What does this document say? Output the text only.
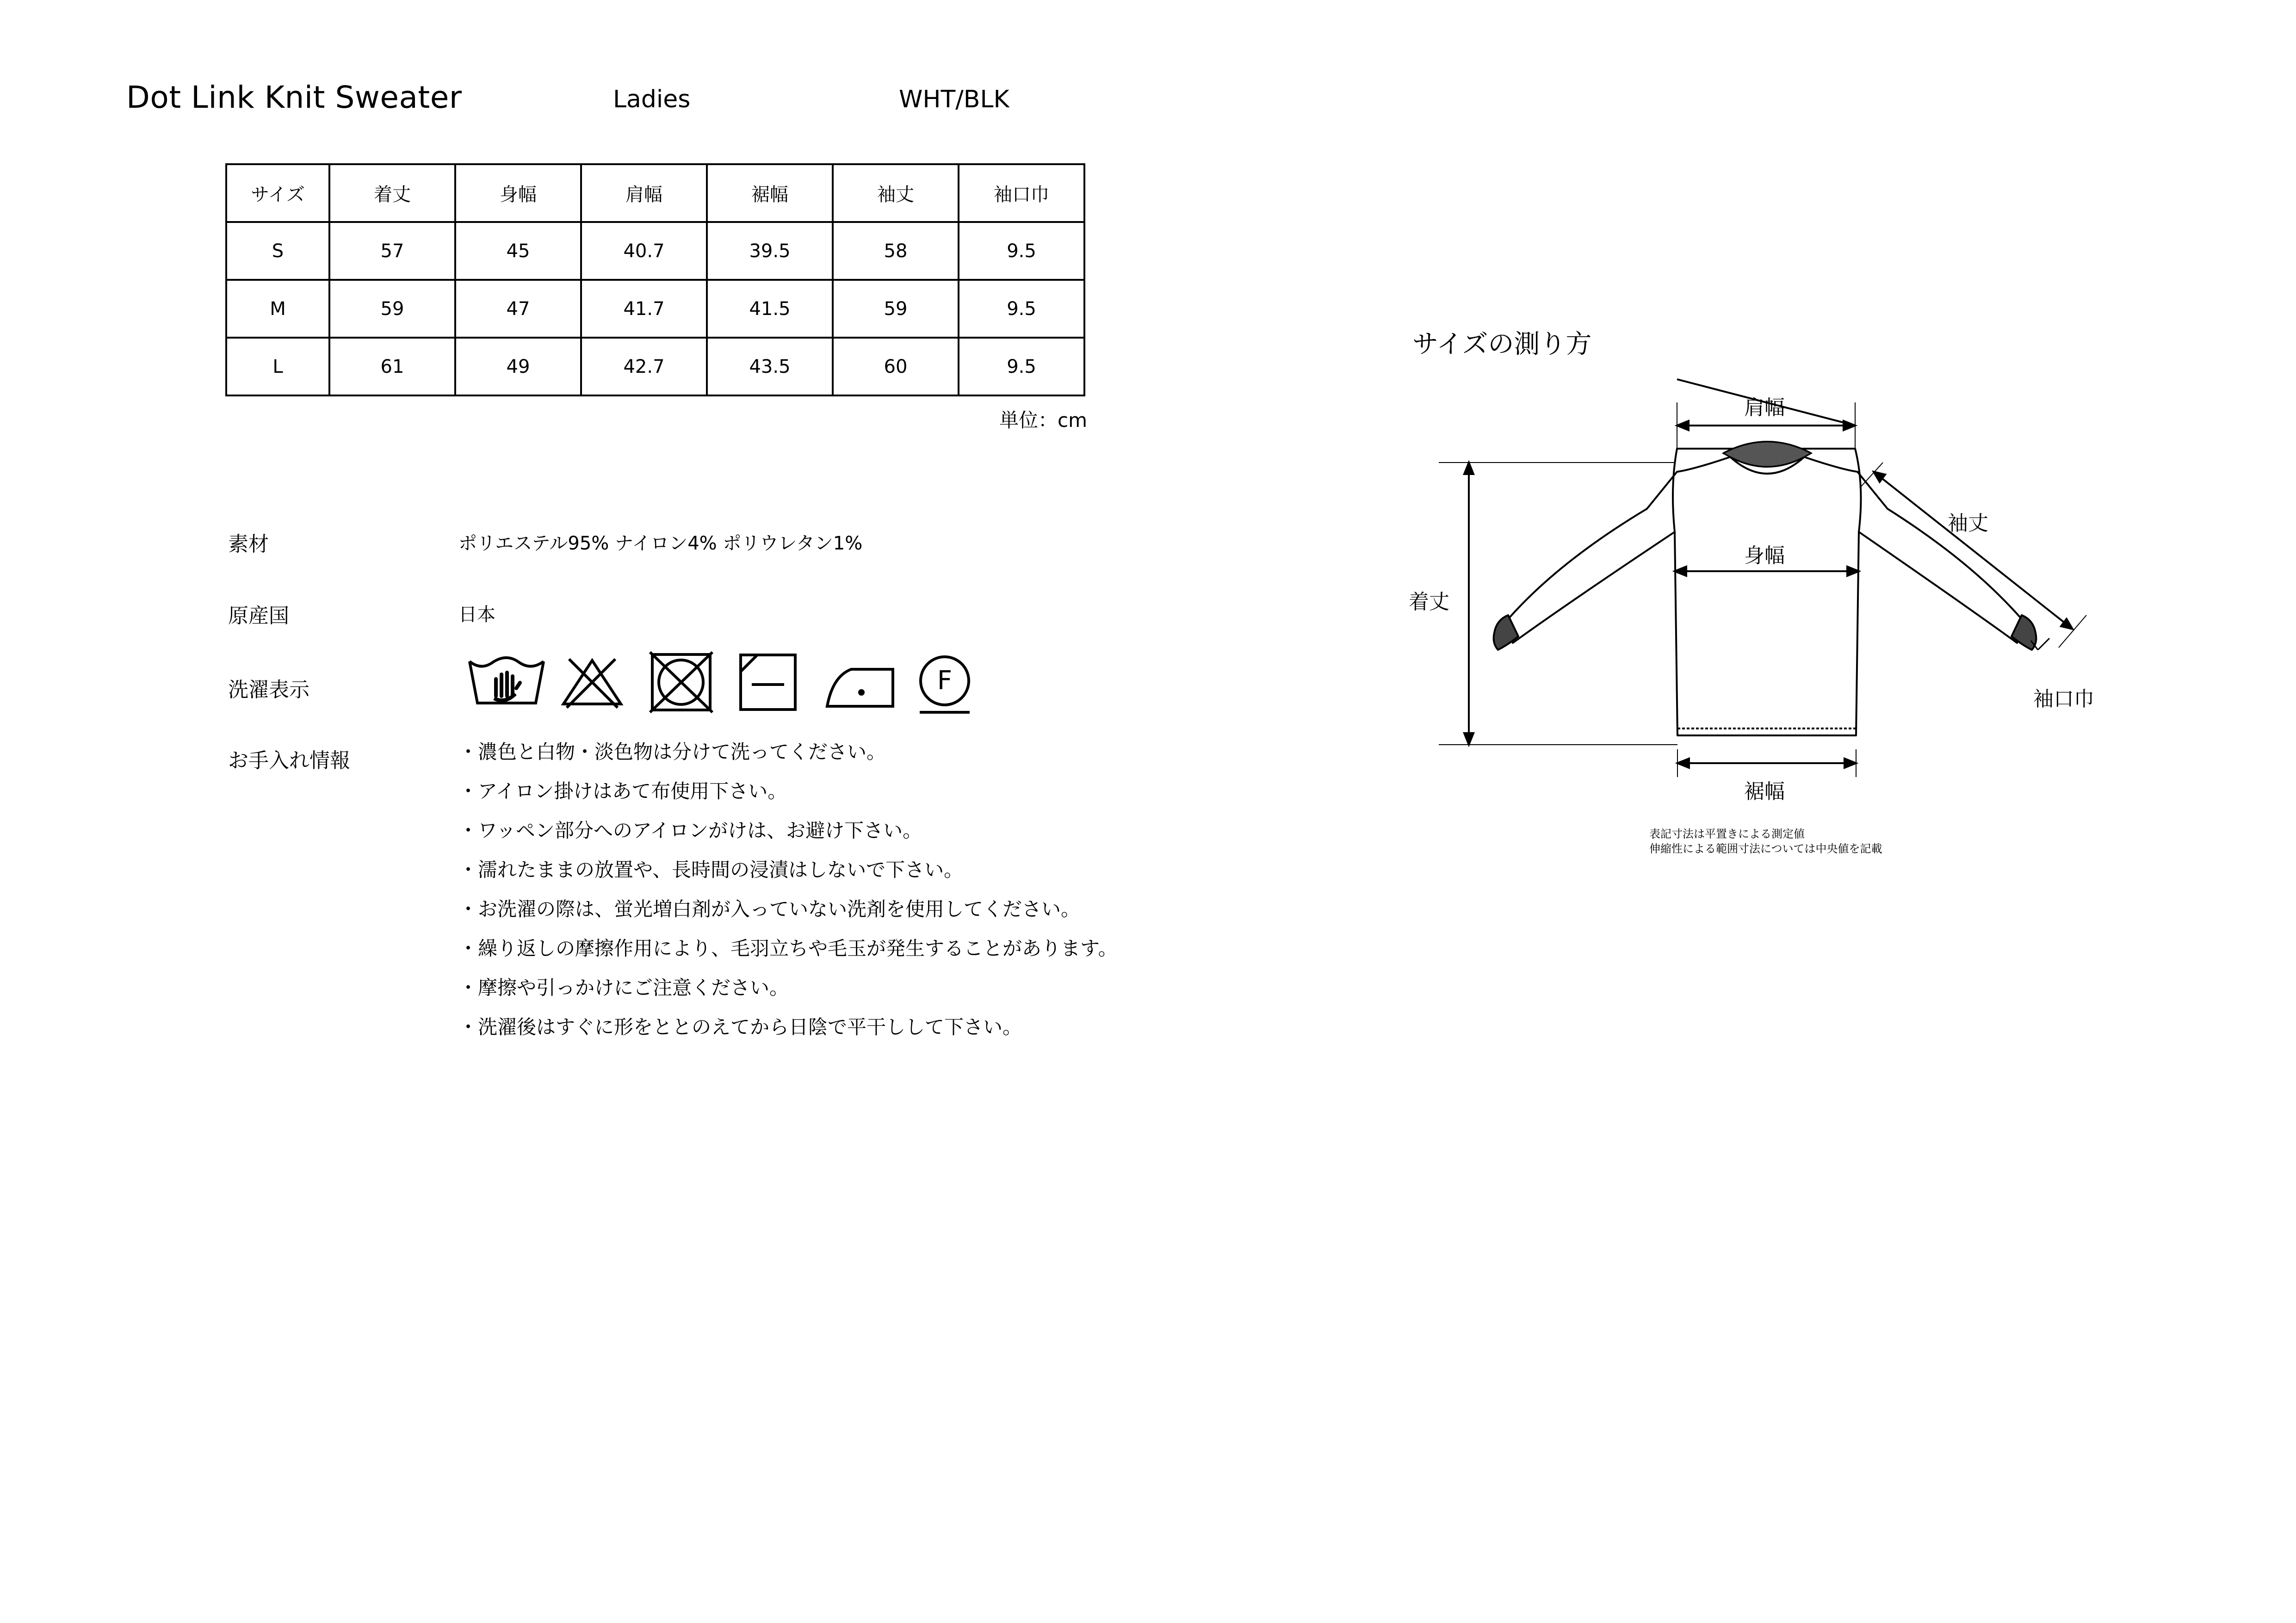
Dot Link Knit Sweater	Ladies	WHT/BLK
サイズ	着丈	身幅	肩幅	裾幅	袖丈	袖口巾
S	57	45	40.7	39.5	58	9.5
M	59	47	41.7	41.5	59	9.5
L	61	49	42.7	43.5	60	9.5
単位：cm
素材	ポリエステル95% ナイロン4% ポリウレタン1%
原産国	日本
洗濯表示	F
お手入れ情報	・濃色と白物・淡色物は分けて洗ってください。
・アイロン掛けはあて布使用下さい。
・ワッペン部分へのアイロンがけは、お避け下さい。
・濡れたままの放置や、長時間の浸漬はしないで下さい。
・お洗濯の際は、蛍光増白剤が入っていない洗剤を使用してください。
・繰り返しの摩擦作用により、毛羽立ちや毛玉が発生することがあります。
・摩擦や引っかけにご注意ください。
・洗濯後はすぐに形をととのえてから日陰で平干しして下さい。
サイズの測り方
肩幅
身幅
袖丈
着丈
袖口巾
裾幅
表記寸法は平置きによる測定値
伸縮性による範囲寸法については中央値を記載
